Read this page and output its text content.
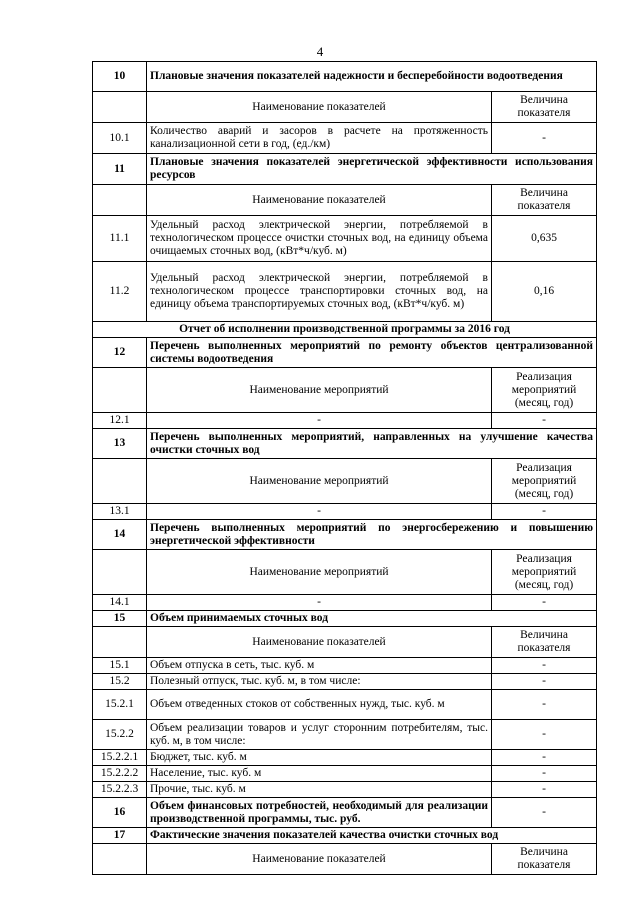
4
10	Плановые значения показателей надежности и бесперебойности водоотведения	
	Наименование показателей	Величина показателя
10.1	Количество аварий и засоров в расчете на протяженность канализационной сети в год, (ед./км)	-
11	Плановые значения показателей энергетической эффективности использования ресурсов	
	Наименование показателей	Величина показателя
11.1	Удельный расход электрической энергии, потребляемой в технологическом процессе очистки сточных вод, на единицу объема очищаемых сточных вод, (кВт*ч/куб. м)	0,635
11.2	Удельный расход электрической энергии, потребляемой в технологическом процессе транспортировки сточных вод, на единицу объема транспортируемых сточных вод, (кВт*ч/куб. м)	0,16
Отчет об исполнении производственной программы за 2016 год		
12	Перечень выполненных мероприятий по ремонту объектов централизованной системы водоотведения	
	Наименование мероприятий	Реализация мероприятий (месяц, год)
12.1	-	-
13	Перечень выполненных мероприятий, направленных на улучшение качества очистки сточных вод	
	Наименование мероприятий	Реализация мероприятий (месяц, год)
13.1	-	-
14	Перечень выполненных мероприятий по энергосбережению и повышению энергетической эффективности	
	Наименование мероприятий	Реализация мероприятий (месяц, год)
14.1	-	-
15	Объем принимаемых сточных вод	
	Наименование показателей	Величина показателя
15.1	Объем отпуска в сеть, тыс. куб. м	-
15.2	Полезный отпуск, тыс. куб. м, в том числе:	-
15.2.1	Объем отведенных стоков от собственных нужд, тыс. куб. м	-
15.2.2	Объем реализации товаров и услуг сторонним потребителям, тыс. куб. м, в том числе:	-
15.2.2.1	Бюджет, тыс. куб. м	-
15.2.2.2	Население, тыс. куб. м	-
15.2.2.3	Прочие, тыс. куб. м	-
16	Объем финансовых потребностей, необходимый для реализации производственной программы, тыс. руб.	-
17	Фактические значения показателей качества очистки сточных вод	
	Наименование показателей	Величина показателя
